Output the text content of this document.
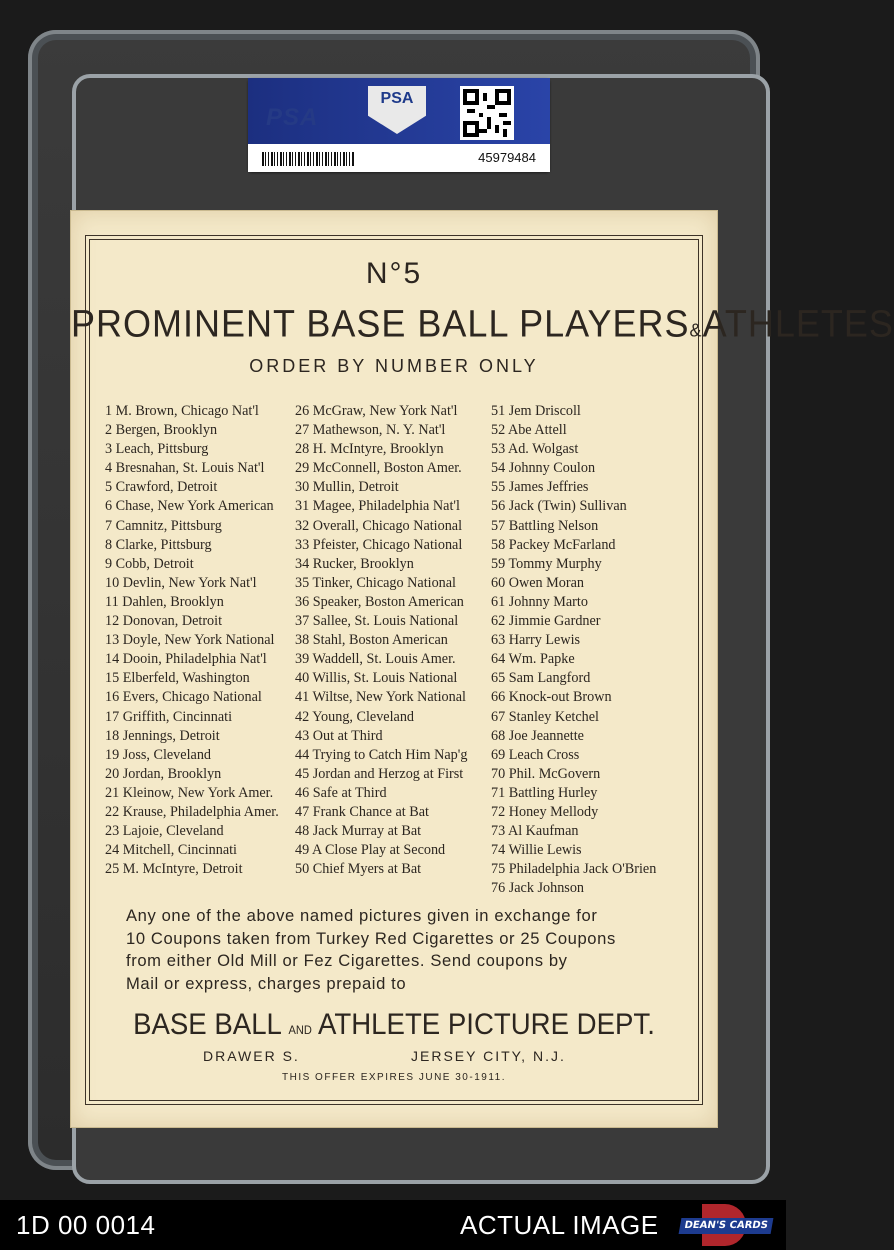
PSA
PSA
45979484
N°5
PROMINENT BASE BALL PLAYERS&ATHLETES
ORDER BY NUMBER ONLY
1 M. Brown, Chicago Nat'l
2 Bergen, Brooklyn
3 Leach, Pittsburg
4 Bresnahan, St. Louis Nat'l
5 Crawford, Detroit
6 Chase, New York American
7 Camnitz, Pittsburg
8 Clarke, Pittsburg
9 Cobb, Detroit
10 Devlin, New York Nat'l
11 Dahlen, Brooklyn
12 Donovan, Detroit
13 Doyle, New York National
14 Dooin, Philadelphia Nat'l
15 Elberfeld, Washington
16 Evers, Chicago National
17 Griffith, Cincinnati
18 Jennings, Detroit
19 Joss, Cleveland
20 Jordan, Brooklyn
21 Kleinow, New York Amer.
22 Krause, Philadelphia Amer.
23 Lajoie, Cleveland
24 Mitchell, Cincinnati
25 M. McIntyre, Detroit
26 McGraw, New York Nat'l
27 Mathewson, N. Y. Nat'l
28 H. McIntyre, Brooklyn
29 McConnell, Boston Amer.
30 Mullin, Detroit
31 Magee, Philadelphia Nat'l
32 Overall, Chicago National
33 Pfeister, Chicago National
34 Rucker, Brooklyn
35 Tinker, Chicago National
36 Speaker, Boston American
37 Sallee, St. Louis National
38 Stahl, Boston American
39 Waddell, St. Louis Amer.
40 Willis, St. Louis National
41 Wiltse, New York National
42 Young, Cleveland
43 Out at Third
44 Trying to Catch Him Nap'g
45 Jordan and Herzog at First
46 Safe at Third
47 Frank Chance at Bat
48 Jack Murray at Bat
49 A Close Play at Second
50 Chief Myers at Bat
51 Jem Driscoll
52 Abe Attell
53 Ad. Wolgast
54 Johnny Coulon
55 James Jeffries
56 Jack (Twin) Sullivan
57 Battling Nelson
58 Packey McFarland
59 Tommy Murphy
60 Owen Moran
61 Johnny Marto
62 Jimmie Gardner
63 Harry Lewis
64 Wm. Papke
65 Sam Langford
66 Knock-out Brown
67 Stanley Ketchel
68 Joe Jeannette
69 Leach Cross
70 Phil. McGovern
71 Battling Hurley
72 Honey Mellody
73 Al Kaufman
74 Willie Lewis
75 Philadelphia Jack O'Brien
76 Jack Johnson
Any one of the above named pictures given in exchange for
10 Coupons taken from Turkey Red Cigarettes or 25 Coupons
from either Old Mill or Fez Cigarettes. Send coupons by
Mail or express, charges prepaid to
BASE BALL AND ATHLETE PICTURE DEPT.
DRAWER S.	JERSEY CITY, N.J.
THIS OFFER EXPIRES JUNE 30-1911.
1D 00 0014	ACTUAL IMAGE	DEAN'S CARDS
